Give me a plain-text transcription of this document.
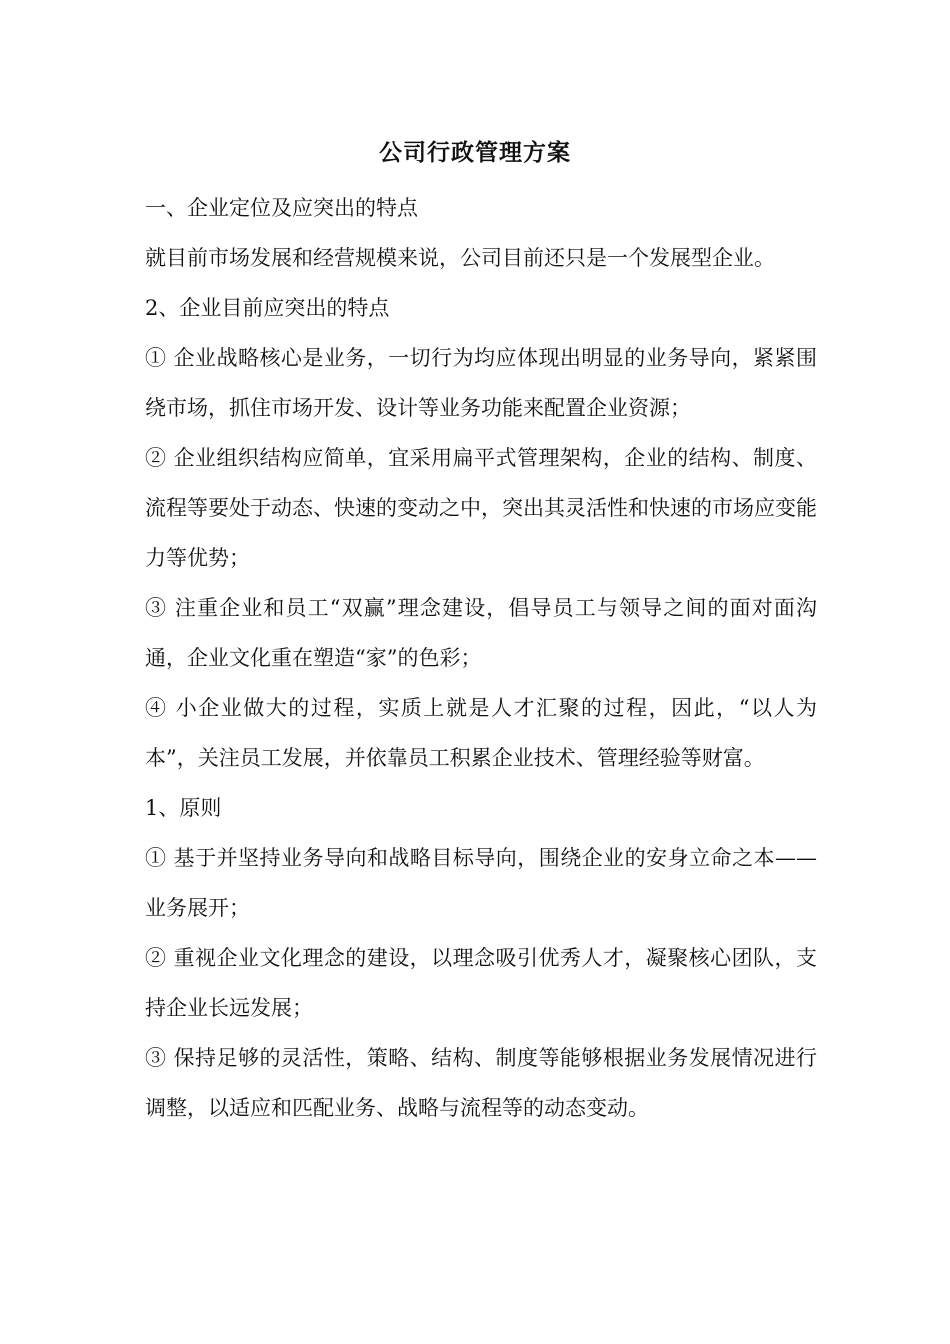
公司行政管理方案

一、企业定位及应突出的特点

就目前市场发展和经营规模来说，公司目前还只是一个发展型企业。

2、企业目前应突出的特点

① 企业战略核心是业务，一切行为均应体现出明显的业务导向，紧紧围绕市场，抓住市场开发、设计等业务功能来配置企业资源；

② 企业组织结构应简单，宜采用扁平式管理架构，企业的结构、制度、流程等要处于动态、快速的变动之中，突出其灵活性和快速的市场应变能力等优势；

③ 注重企业和员工“双赢”理念建设，倡导员工与领导之间的面对面沟通，企业文化重在塑造“家”的色彩；

④ 小企业做大的过程，实质上就是人才汇聚的过程，因此，“以人为本”，关注员工发展，并依靠员工积累企业技术、管理经验等财富。

1、原则

① 基于并坚持业务导向和战略目标导向，围绕企业的安身立命之本——业务展开；

② 重视企业文化理念的建设，以理念吸引优秀人才，凝聚核心团队，支持企业长远发展；

③ 保持足够的灵活性，策略、结构、制度等能够根据业务发展情况进行调整，以适应和匹配业务、战略与流程等的动态变动。
